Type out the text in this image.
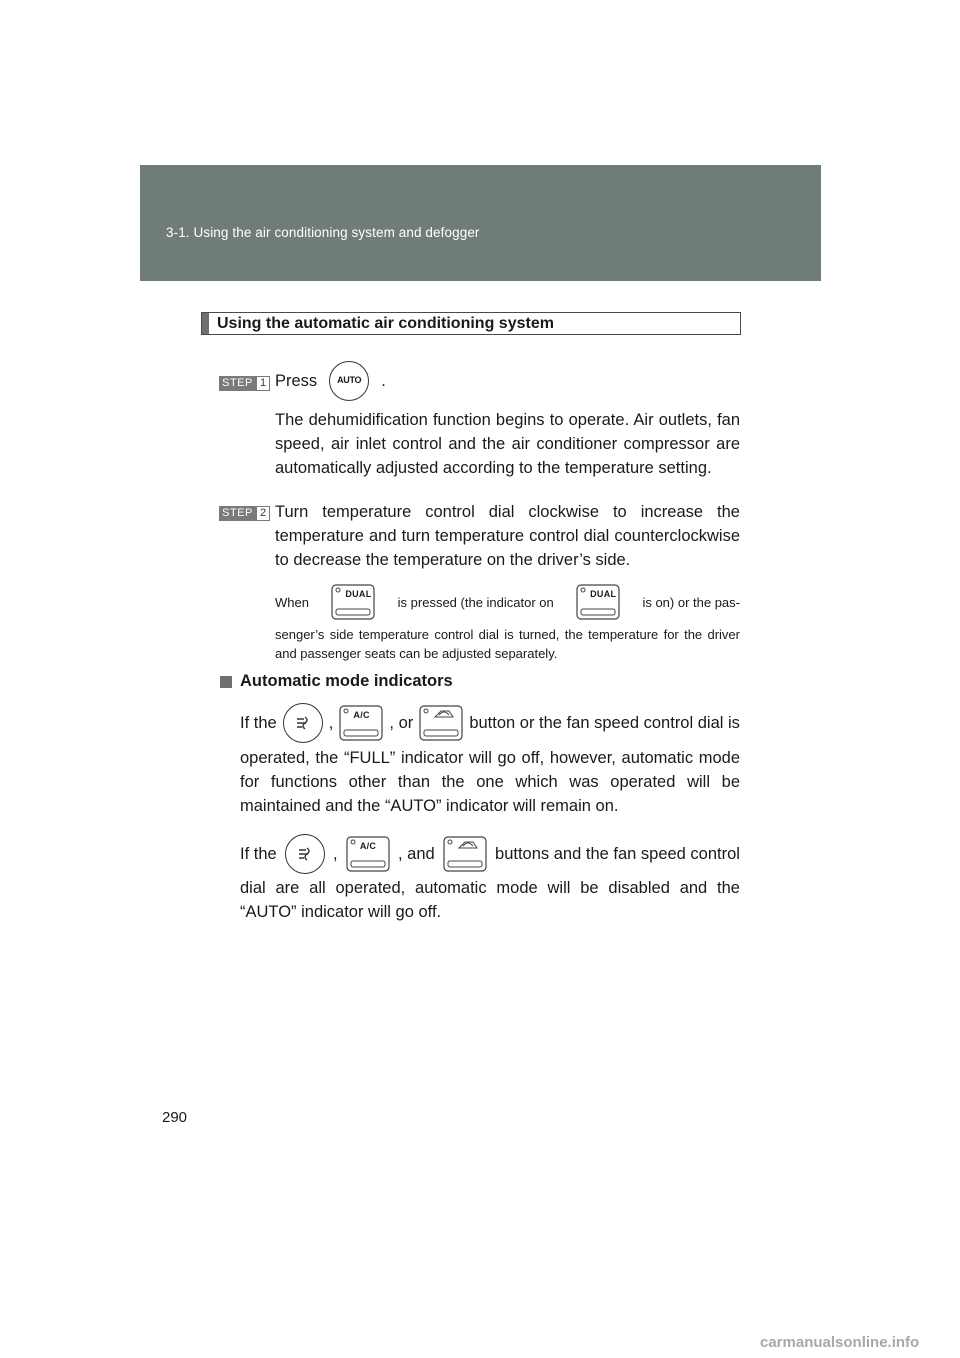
3-1. Using the air conditioning system and defogger
Using the automatic air conditioning system
STEP 1 Press	AUTO	.
The dehumidification function begins to operate. Air outlets, fan speed, air inlet control and the air conditioner compressor are automatically adjusted according to the temperature setting.
STEP 2 Turn temperature control dial clockwise to increase the temperature and turn temperature control dial counterclockwise to decrease the temperature on the driver’s side.
When
DUAL
is pressed (the indicator on
DUAL
is on) or the pas-
senger’s side temperature control dial is turned, the temperature for the driver and passenger seats can be adjusted separately.
Automatic mode indicators
If the	, A/C , or	button or the fan speed control dial is
operated, the “FULL” indicator will go off, however, automatic mode for functions other than the one which was operated will be maintained and the “AUTO” indicator will remain on.
If the	, A/C , and	buttons and the fan speed control
dial are all operated, automatic mode will be disabled and the “AUTO” indicator will go off.
290
carmanualsonline.info
